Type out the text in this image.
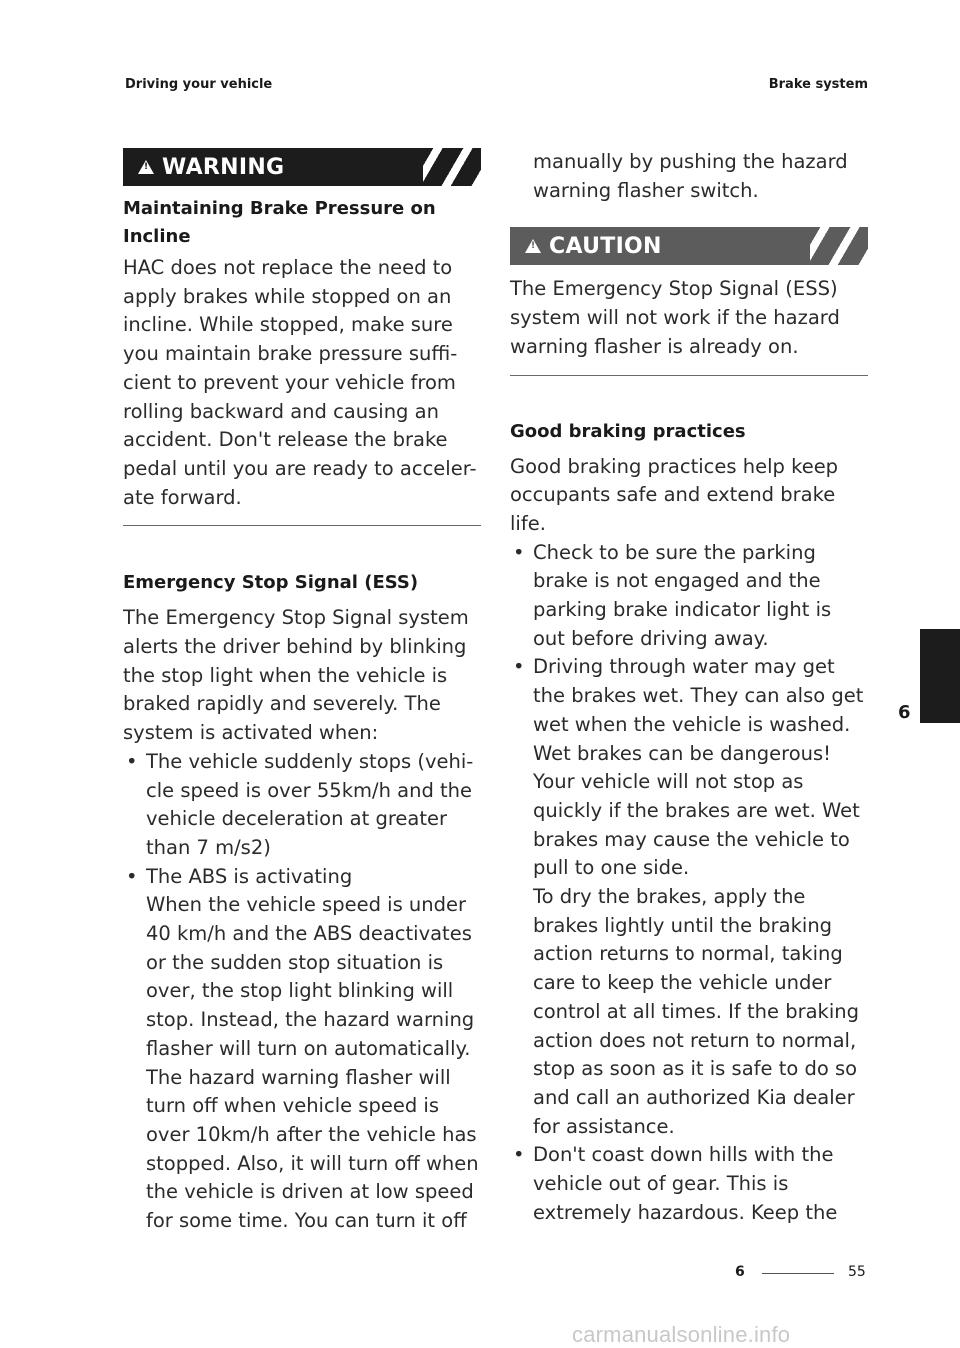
Driving your vehicle	Brake system
! WARNING
Maintaining Brake Pressure on Incline

HAC does not replace the need to apply brakes while stopped on an incline. While stopped, make sure you maintain brake pressure suffi-cient to prevent your vehicle from rolling backward and causing an accident. Don't release the brake pedal until you are ready to acceler-ate forward.

Emergency Stop Signal (ESS)

The Emergency Stop Signal system alerts the driver behind by blinking the stop light when the vehicle is braked rapidly and severely. The system is activated when:

• The vehicle suddenly stops (vehi-cle speed is over 55km/h and the vehicle deceleration at greater than 7 m/s2)
• The ABS is activating
When the vehicle speed is under 40 km/h and the ABS deactivates or the sudden stop situation is over, the stop light blinking will stop. Instead, the hazard warning flasher will turn on automatically. The hazard warning flasher will turn off when vehicle speed is over 10km/h after the vehicle has stopped. Also, it will turn off when the vehicle is driven at low speed for some time. You can turn it off

manually by pushing the hazard warning flasher switch.

! CAUTION

The Emergency Stop Signal (ESS) system will not work if the hazard warning flasher is already on.

Good braking practices

Good braking practices help keep occupants safe and extend brake life.

• Check to be sure the parking brake is not engaged and the parking brake indicator light is out before driving away.
• Driving through water may get the brakes wet. They can also get wet when the vehicle is washed. Wet brakes can be dangerous! Your vehicle will not stop as quickly if the brakes are wet. Wet brakes may cause the vehicle to pull to one side.
To dry the brakes, apply the brakes lightly until the braking action returns to normal, taking care to keep the vehicle under control at all times. If the braking action does not return to normal, stop as soon as it is safe to do so and call an authorized Kia dealer for assistance.
• Don't coast down hills with the vehicle out of gear. This is extremely hazardous. Keep the
6
6	55
carmanualsonline.info
